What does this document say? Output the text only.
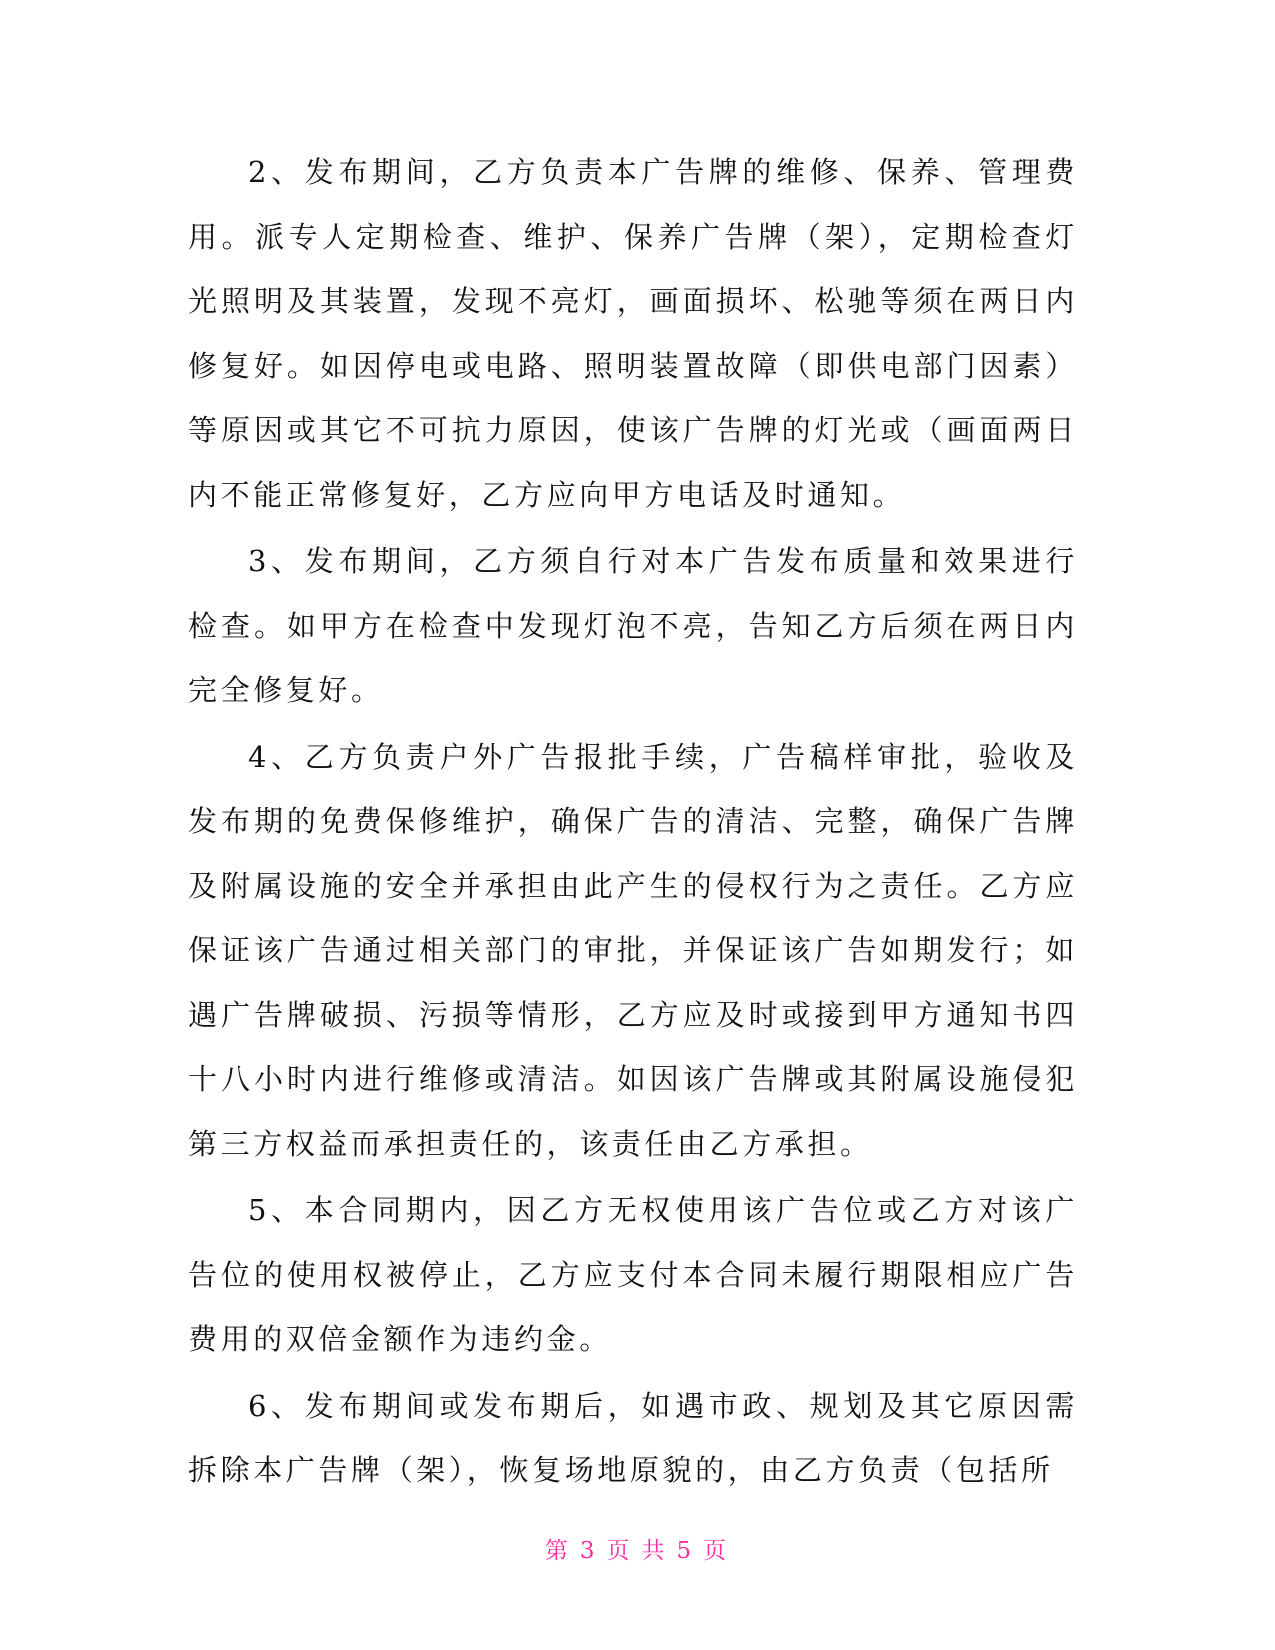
2、发布期间，乙方负责本广告牌的维修、保养、管理费用。派专人定期检查、维护、保养广告牌（架），定期检查灯光照明及其装置，发现不亮灯，画面损坏、松驰等须在两日内修复好。如因停电或电路、照明装置故障（即供电部门因素）等原因或其它不可抗力原因，使该广告牌的灯光或（画面两日内不能正常修复好，乙方应向甲方电话及时通知。

3、发布期间，乙方须自行对本广告发布质量和效果进行检查。如甲方在检查中发现灯泡不亮，告知乙方后须在两日内完全修复好。

4、乙方负责户外广告报批手续，广告稿样审批，验收及发布期的免费保修维护，确保广告的清洁、完整，确保广告牌及附属设施的安全并承担由此产生的侵权行为之责任。乙方应保证该广告通过相关部门的审批，并保证该广告如期发行；如遇广告牌破损、污损等情形，乙方应及时或接到甲方通知书四十八小时内进行维修或清洁。如因该广告牌或其附属设施侵犯第三方权益而承担责任的，该责任由乙方承担。

5、本合同期内，因乙方无权使用该广告位或乙方对该广告位的使用权被停止，乙方应支付本合同未履行期限相应广告费用的双倍金额作为违约金。

6、发布期间或发布期后，如遇市政、规划及其它原因需拆除本广告牌（架），恢复场地原貌的，由乙方负责（包括所

第 3 页 共 5 页
